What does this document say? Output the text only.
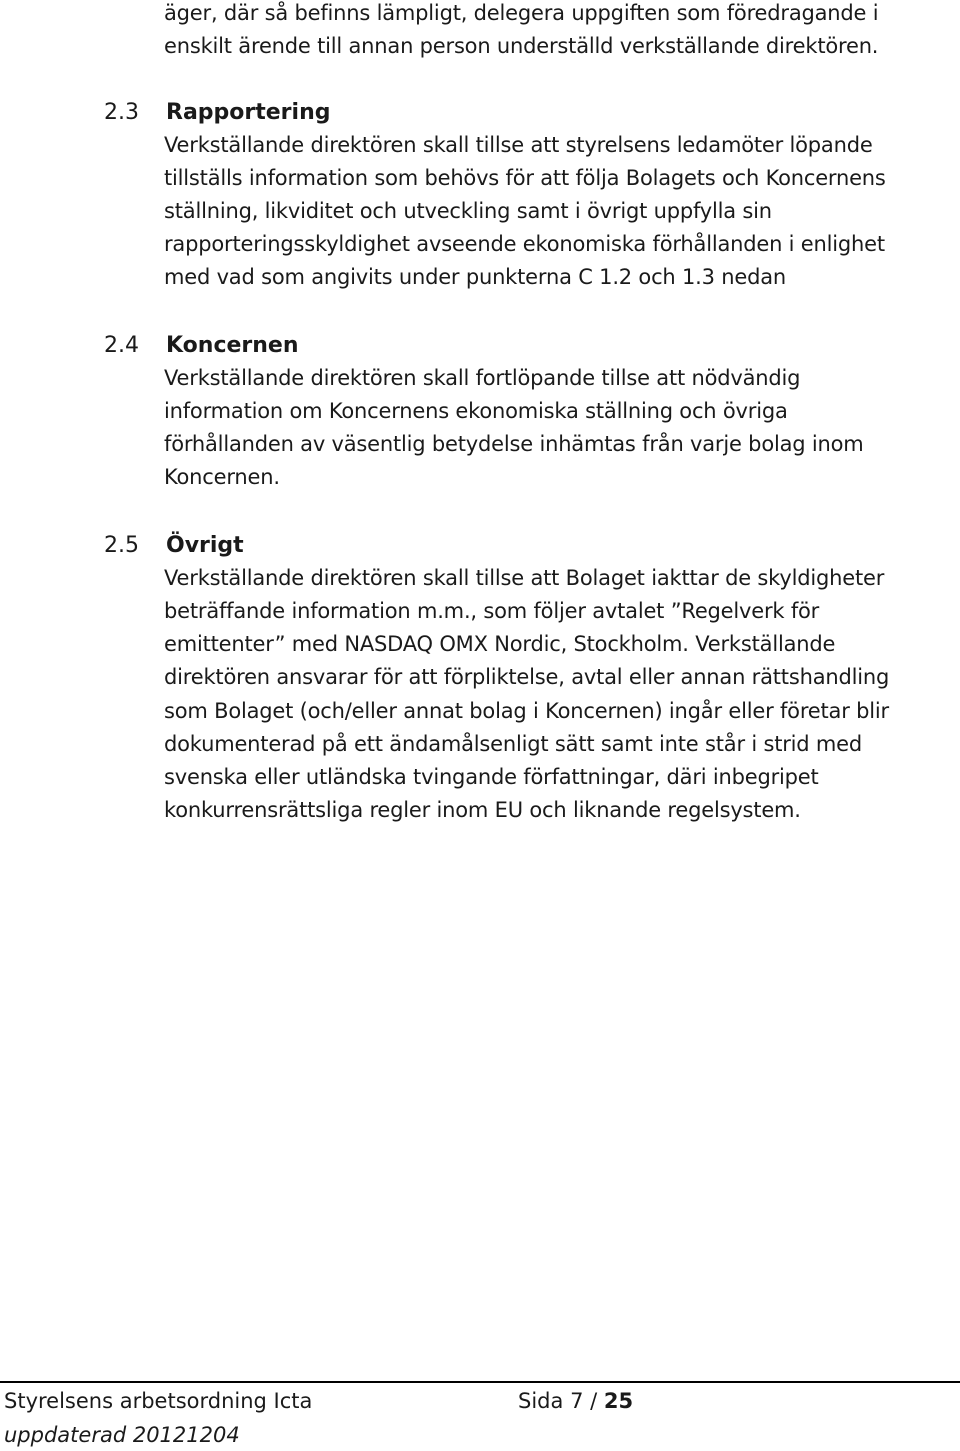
äger, där så befinns lämpligt, delegera uppgiften som föredragande i
enskilt ärende till annan person underställd verkställande direktören.
2.3 Rapportering
Verkställande direktören skall tillse att styrelsens ledamöter löpande
tillställs information som behövs för att följa Bolagets och Koncernens
ställning, likviditet och utveckling samt i övrigt uppfylla sin
rapporteringsskyldighet avseende ekonomiska förhållanden i enlighet
med vad som angivits under punkterna C 1.2 och 1.3 nedan
2.4 Koncernen
Verkställande direktören skall fortlöpande tillse att nödvändig
information om Koncernens ekonomiska ställning och övriga
förhållanden av väsentlig betydelse inhämtas från varje bolag inom
Koncernen.
2.5 Övrigt
Verkställande direktören skall tillse att Bolaget iakttar de skyldigheter
beträffande information m.m., som följer avtalet ”Regelverk för
emittenter” med NASDAQ OMX Nordic, Stockholm. Verkställande
direktören ansvarar för att förpliktelse, avtal eller annan rättshandling
som Bolaget (och/eller annat bolag i Koncernen) ingår eller företar blir
dokumenterad på ett ändamålsenligt sätt samt inte står i strid med
svenska eller utländska tvingande författningar, däri inbegripet
konkurrensrättsliga regler inom EU och liknande regelsystem.
Styrelsens arbetsordning Icta	Sida 7 / 25
uppdaterad 20121204
